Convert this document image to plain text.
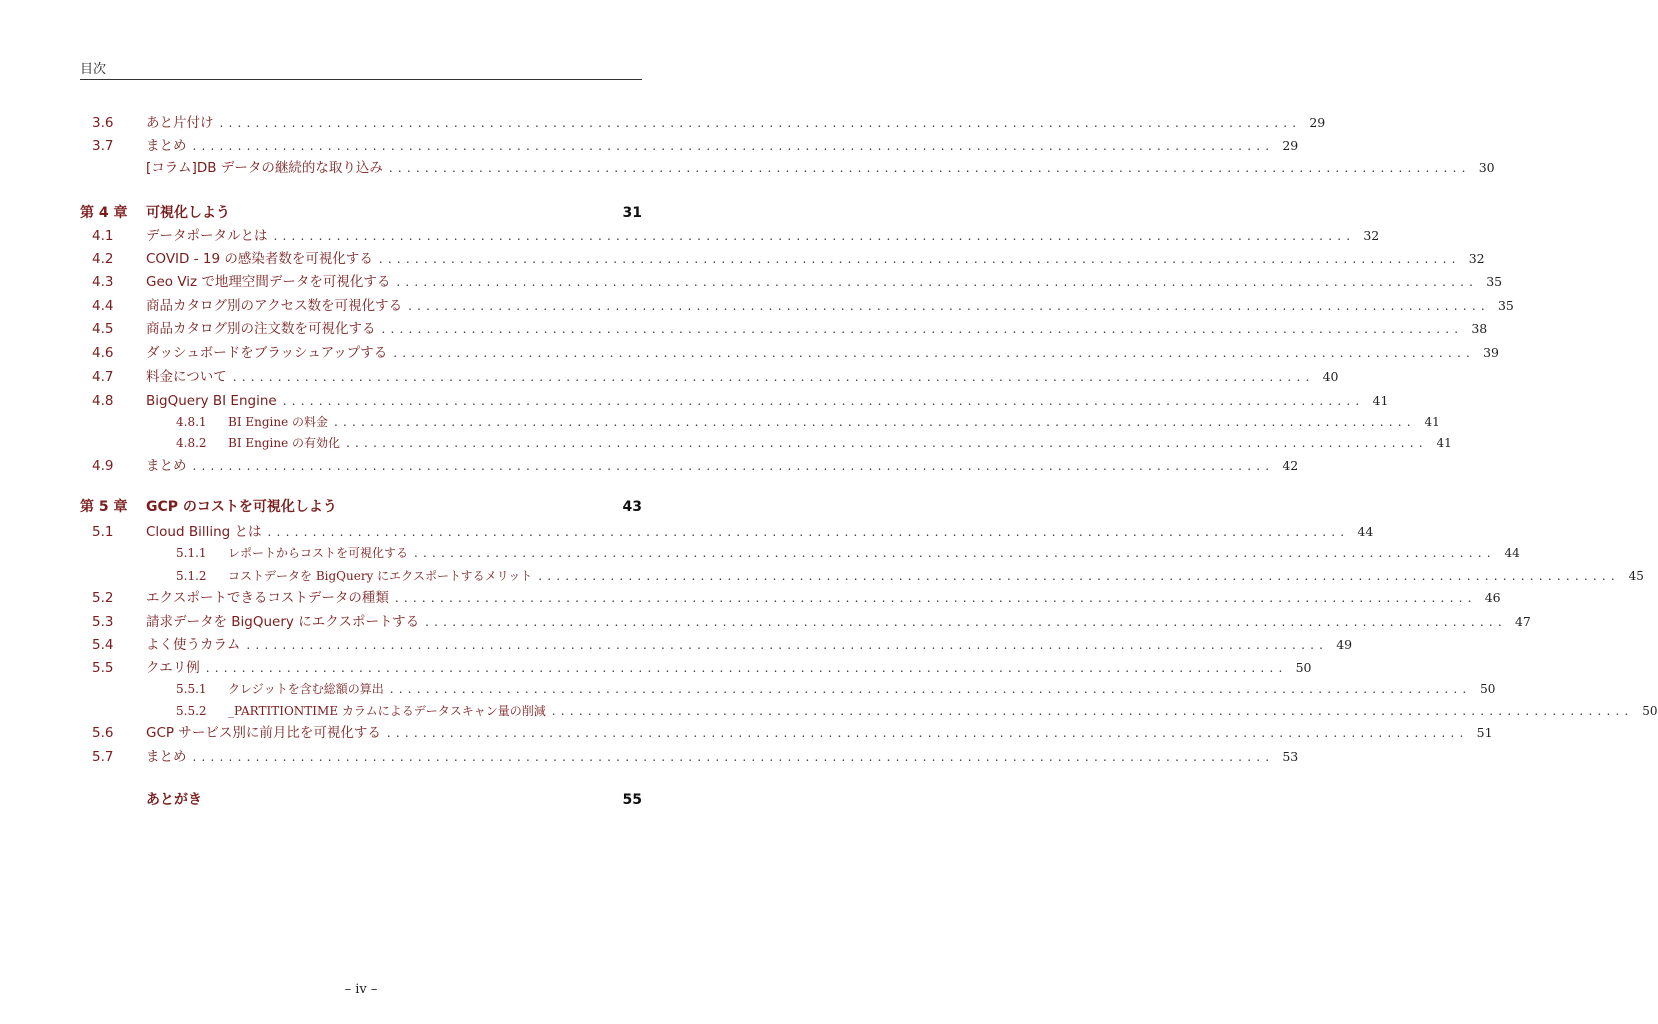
目次
3.6	あと片付け ........................................................................................................................ 29
3.7	まとめ ........................................................................................................................ 29
[コラム]DB データの継続的な取り込み ........................................................................................................................ 30
第 4 章	可視化しよう	31
4.1	データポータルとは ........................................................................................................................ 32
4.2	COVID - 19 の感染者数を可視化する ........................................................................................................................ 32
4.3	Geo Viz で地理空間データを可視化する ........................................................................................................................ 35
4.4	商品カタログ別のアクセス数を可視化する ........................................................................................................................ 35
4.5	商品カタログ別の注文数を可視化する ........................................................................................................................ 38
4.6	ダッシュボードをブラッシュアップする ........................................................................................................................ 39
4.7	料金について ........................................................................................................................ 40
4.8	BigQuery BI Engine ........................................................................................................................ 41
4.8.1	BI Engine の料金 ........................................................................................................................ 41
4.8.2	BI Engine の有効化 ........................................................................................................................ 41
4.9	まとめ ........................................................................................................................ 42
第 5 章	GCP のコストを可視化しよう	43
5.1	Cloud Billing とは ........................................................................................................................ 44
5.1.1	レポートからコストを可視化する ........................................................................................................................ 44
5.1.2	コストデータを BigQuery にエクスポートするメリット ........................................................................................................................ 45
5.2	エクスポートできるコストデータの種類 ........................................................................................................................ 46
5.3	請求データを BigQuery にエクスポートする ........................................................................................................................ 47
5.4	よく使うカラム ........................................................................................................................ 49
5.5	クエリ例 ........................................................................................................................ 50
5.5.1	クレジットを含む総額の算出 ........................................................................................................................ 50
5.5.2	_PARTITIONTIME カラムによるデータスキャン量の削減 ........................................................................................................................ 50
5.6	GCP サービス別に前月比を可視化する ........................................................................................................................ 51
5.7	まとめ ........................................................................................................................ 53
あとがき	55
– iv –
